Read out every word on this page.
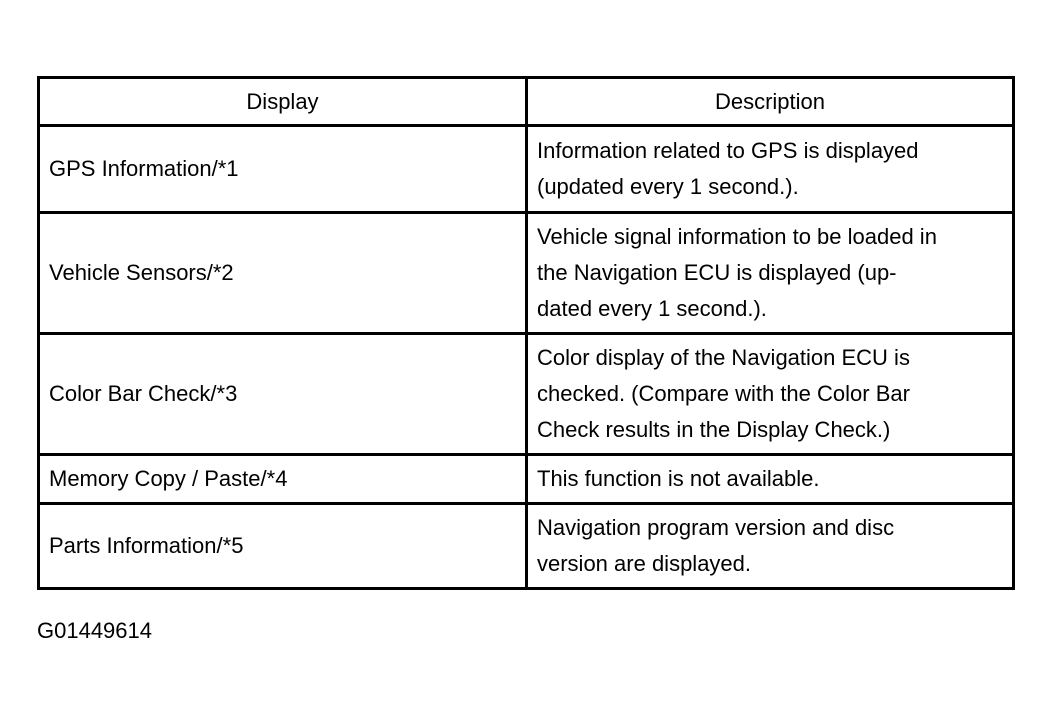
Display	Description
GPS Information/*1	Information related to GPS is displayed
(updated every 1 second.).

Vehicle Sensors/*2	Vehicle signal information to be loaded in
the Navigation ECU is displayed (up-
dated every 1 second.).

Color Bar Check/*3	Color display of the Navigation ECU is
checked. (Compare with the Color Bar
Check results in the Display Check.)

Memory Copy / Paste/*4	This function is not available.

Parts Information/*5	Navigation program version and disc
version are displayed.
G01449614
